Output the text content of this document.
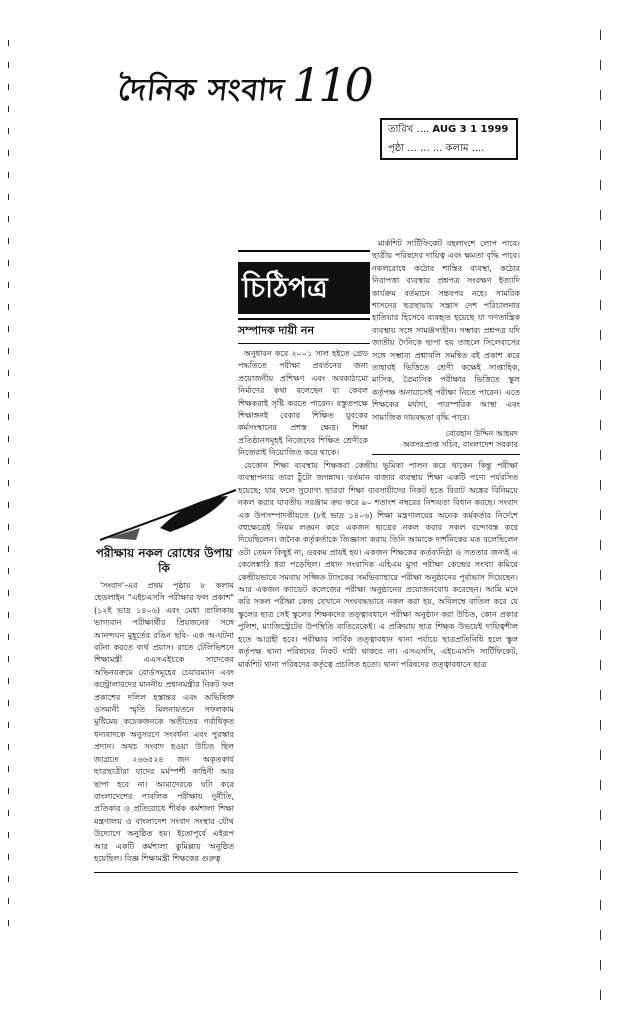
দৈনিক সংবাদ 110
তারিখ .... AUG 3 1 1999
পৃষ্ঠা ... ... ... কলাম ....
চিঠিপত্র
সম্পাদক দায়ী নন

মার্কশিট সার্টিফিকেট বহলাংশে লোপ পাবে। ছাত্রীয় পরিষদের দায়িত্ব এবং ক্ষমতা বৃদ্ধি পাবে। নকলরোধে কঠোর শাস্তির ব্যবস্থা, কঠোর নিরাপত্তা ব্যবস্থায় প্রশ্নপত্র সংরক্ষণ ইত্যাদি কার্যক্রম বর্তমানে সন্তবপর নহে। সামরিক শাসনের ছত্রছায়ায় সন্ত্রাস দেশ পরিচালনার হাতিয়ার হিসেবে ব্যবহৃত হয়েছে যা গণতান্ত্রিক ব্যবস্থায় সঙ্গে সামঞ্জস্যহীন। সম্ভাব্য প্রশ্নপত্র যদি জাতীয় দৈনিকে ছাপা হয় তাহলে সিলেবাসের সঙ্গে সম্ভাব্য প্রশ্নাবলি সমন্বিত বই প্রকাশ করে তাহারই ভিত্তিতে শ্রেণী কক্ষেই সাপ্তাহিক, মাসিক, ত্রৈমাসিক পরীক্ষার ভিত্তিতে স্কুল কর্তৃপক্ষ অনায়াসেই পরীক্ষা নিতে পারেন। এতে শিক্ষকের মর্যাদা, পারস্পরিক আস্থা এবং সামাজিক দায়বদ্ধতা বৃদ্ধি পাবে।

বোরহান উদ্দিন আহমদ
অবসরপ্রাপ্ত সচিব, বাংলাদেশ সরকার

অনুধাবন করে ২০০১ সাল হইতে গ্রেড পদ্ধতিতে পরীক্ষা প্রবর্তনের জন্য প্রয়োজনীয় প্রশিক্ষণ এবং অবকাঠামো নির্মাণের কথা বলেছেন যা কেবল শিক্ষকরাই সৃষ্টি করতে পারেন। বস্তুতপক্ষে শিক্ষাঙ্গনই বেকার শিক্ষিত যুবকের কর্মসংস্থানের প্রশস্ত ক্ষেত্র। শিক্ষা প্রতিষ্ঠানসমূহই নিজেদের শিক্ষিত শ্রেণীকে নিজেরাই নিয়োজিত করে থাকে।

যেকোন শিক্ষা ব্যবস্থায় শিক্ষকরা কেন্দ্রীয় ভূমিকা পালন করে থাকেন কিন্তু পরীক্ষা ব্যবস্থাপনায় তারা ঠুঁটো জগন্নাথ। বর্তমান বাজার ব্যবস্থায় শিক্ষা একটি পণ্যে পর্যবসিত হয়েছে; যার ফলে সুযোগ্য ছাত্ররা শিক্ষা ব্যবসায়ীদের নিকট হতে বিরাট অঙ্কের বিনিময়ে নকল করার যাবতীয় সরঞ্জাম ক্রয় করে ৯০ শতাংশ নম্বরের নিশ্চয়তা বিধান করছে। সংবাদ এক উপসম্পাদকীয়তে (৮ই ভাদ্র ১৪০৬) শিক্ষা মন্ত্রণালয়ের অনেক কর্মকর্তার নির্দেশে বহুক্ষেত্রেই নিয়ম লঙ্ঘন করে একজন ছাত্রের নকল করার সকল বন্দোবস্ত করে দিয়েছিলেন। জনৈক কর্তৃকর্তাকে জিজ্ঞাসা করায় তিনি আমাকে দার্শনিকের মত বলেছিলেন ওটা তেমন কিছুই না, ওরকম প্রায়ই হয়। একজন শিক্ষকের কর্তব্যনিষ্ঠা ও সততার জন্যই এ কেলেঙ্কারি ধরা পড়েছিল। প্রধান সংবাদিক এহিএম মুসা পরীক্ষা কেন্দ্রের সংখ্যা কমিয়ে কেন্দ্রীয়ভাবে সমবায় সজ্জিত ট্যাংকের সমভিব্যাহারে পরীক্ষা অনুষ্ঠানের পূর্বাভাস দিয়েছেন। আর একজন ক্যাডেট কলেজের পরীক্ষা অনুষ্ঠানের প্রয়োজনবোধ করেছেন। আমি মনে করি সকল পরীক্ষা কেন্দ্র যেখানে সংঘবদ্ধভাবে নকল করা হয়, অবিলম্বে বাতিল করে যে স্কুলের ছাত্র সেই স্কুলের শিক্ষকদের তত্ত্বাবধানে পরীক্ষা অনুষ্ঠান করা উচিত, কোন প্রকার পুলিশ, ম্যাজিস্ট্রেটের উপস্থিতি ব্যতিরেকেই। এ প্রক্রিয়ায় ছাত্র শিক্ষক উভয়েই দায়িত্বশীল হতে আগ্রহী হবে। পরীক্ষার সার্বিক তত্ত্বাবধান থানা পর্যায়ে ছাত্রপ্রতিনিধি হলে স্কুল কর্তৃপক্ষ থানা পরিষদের নিকট দায়ী থাকবে না। এসএসসি, এইচএসসি সার্টিফিকেট, মার্কশিট থানা পরিষদের কর্তৃত্বে প্রচলিত হতো। থানা পরিষদের তত্ত্বাবধানে ছাত্র

পরীক্ষায় নকল রোধের উপায় কি

'সংবাদ'-এর প্রথম পৃষ্ঠায় ৮ কলাম হেডলাইন "এইচএসসি পরীক্ষার ফল প্রকাশ" (১২ই ভাদ্র ১৪০৬) এবং মেধা তালিকায় ভাগ্যবান পরীক্ষার্থীর প্রিয়জনের সঙ্গে আনন্দঘন মুহূর্তের রঙিন ছবি- এক অ-ঘটনা বটনা করতে ব্যর্থ প্রয়াস। রাতে টেলিভিশনে শিক্ষামন্ত্রী এএসএইচকে সাদেকের অভিনয়ক্রমে বোর্ডসমূহের চেয়ারম্যান এবং কন্ট্রোলারদের মাননীয় প্রধানমন্ত্রীর নিকট ফল প্রকাশের দলিল হস্তান্তর এবং অভিষিক্ত ওসমানী স্মৃতি মিলনায়তনে সফলকাম মুষ্টিমেয় কয়েকজনকে অতীতের গর্বাধিকৃত ধন্যবাদকে অনুসরণে সংবর্ধনা এবং পুরস্কার প্রদান। অথচ সংবাদ হওয়া উচিত ছিল জাগ্রতে ২৬৬৫২৪ জন অকৃতকার্য ছাত্রছাত্রীরা যাদের মর্মস্পর্শী কাহিনী আর ছাপা হবে না। আমাদেরকে ঘটা করে বাংলাদেশের পাবলিক পরীক্ষায় দুর্নীতি, প্রতিকার ও প্রতিরোধে শীর্ষক কর্মশালা শিক্ষা মন্ত্রণালয় ও বাংলাদেশ সংবাদ সংস্থার যৌথ উদ্যোগে অনুষ্ঠিত হয়। ইতোপূর্বে এইরূপ আর একটি কর্মশালা কুমিল্লায় অনুষ্ঠিত হয়েছিল। বিজ্ঞ শিক্ষামন্ত্রী শিক্ষকের গুরুত্ব
